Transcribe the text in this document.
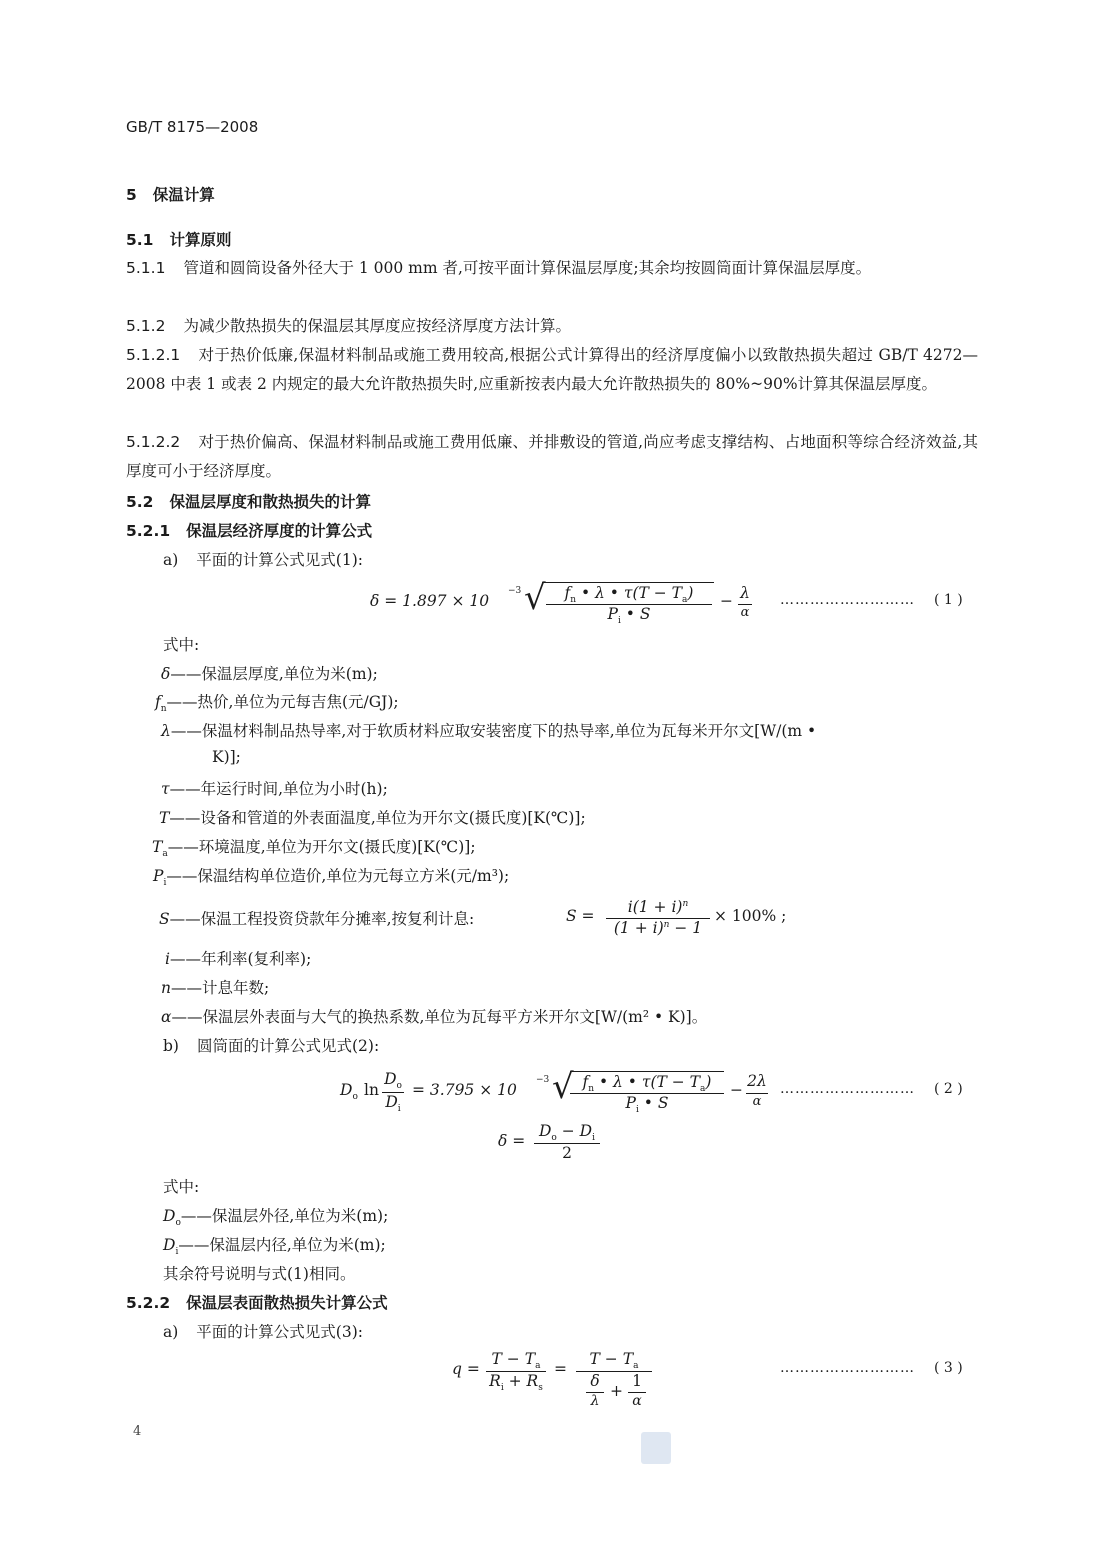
GB/T 8175—2008
5 保温计算
5.1 计算原则
5.1.1 管道和圆筒设备外径大于 1 000 mm 者,可按平面计算保温层厚度;其余均按圆筒面计算保温层厚度。
5.1.2 为减少散热损失的保温层其厚度应按经济厚度方法计算。
5.1.2.1 对于热价低廉,保温材料制品或施工费用较高,根据公式计算得出的经济厚度偏小以致散热损失超过 GB/T 4272—2008 中表 1 或表 2 内规定的最大允许散热损失时,应重新按表内最大允许散热损失的 80%~90%计算其保温层厚度。
5.1.2.2 对于热价偏高、保温材料制品或施工费用低廉、并排敷设的管道,尚应考虑支撑结构、占地面积等综合经济效益,其厚度可小于经济厚度。
5.2 保温层厚度和散热损失的计算
5.2.1 保温层经济厚度的计算公式
a) 平面的计算公式见式(1):
δ = 1.897 × 10
−3 √	$f_n$ • λ • $\tau(T - T_a)$
$P_i$ • S
− λ
α
……………………… ( 1 )
式中:
δ——保温层厚度,单位为米(m);
$f_n——$热价,单位为元每吉焦(元/GJ);
λ——保温材料制品热导率,对于软质材料应取安装密度下的热导率,单位为瓦每米开尔文[W/(m •
K)];
τ——年运行时间,单位为小时(h);
T——设备和管道的外表面温度,单位为开尔文(摄氏度)[K(℃)];
$T_a——$环境温度,单位为开尔文(摄氏度)[K(℃)];
$P_i——$保温结构单位造价,单位为元每立方米(元/m³);
S——保温工程投资贷款年分摊率,按复利计息:	S =	$i(1 + i)^n$
$(1 + i)^n - 1$
× 100% ;
i——年利率(复利率);
n——计息年数;
α——保温层外表面与大气的换热系数,单位为瓦每平方米开尔文[W/(m² • K)]。
b) 圆筒面的计算公式见式(2):
$D_o$ ln
$D_o$
$D_i$
= 3.795 × 10
−3 √ $f_n$ • λ • $\tau(T - T_a)$
$P_i$ • S
− 2λ
α
……………………… ( 2 )
δ =
$D_o - D_i$
2
式中:
$D_o——$保温层外径,单位为米(m);
$D_i——$保温层内径,单位为米(m);
其余符号说明与式(1)相同。
5.2.2 保温层表面散热损失计算公式
a) 平面的计算公式见式(3):
q =
$T - T_a$
$R_i + R_s$
=
$T - T_a$
δ
λ
+
1
α
……………………… ( 3 )
4
